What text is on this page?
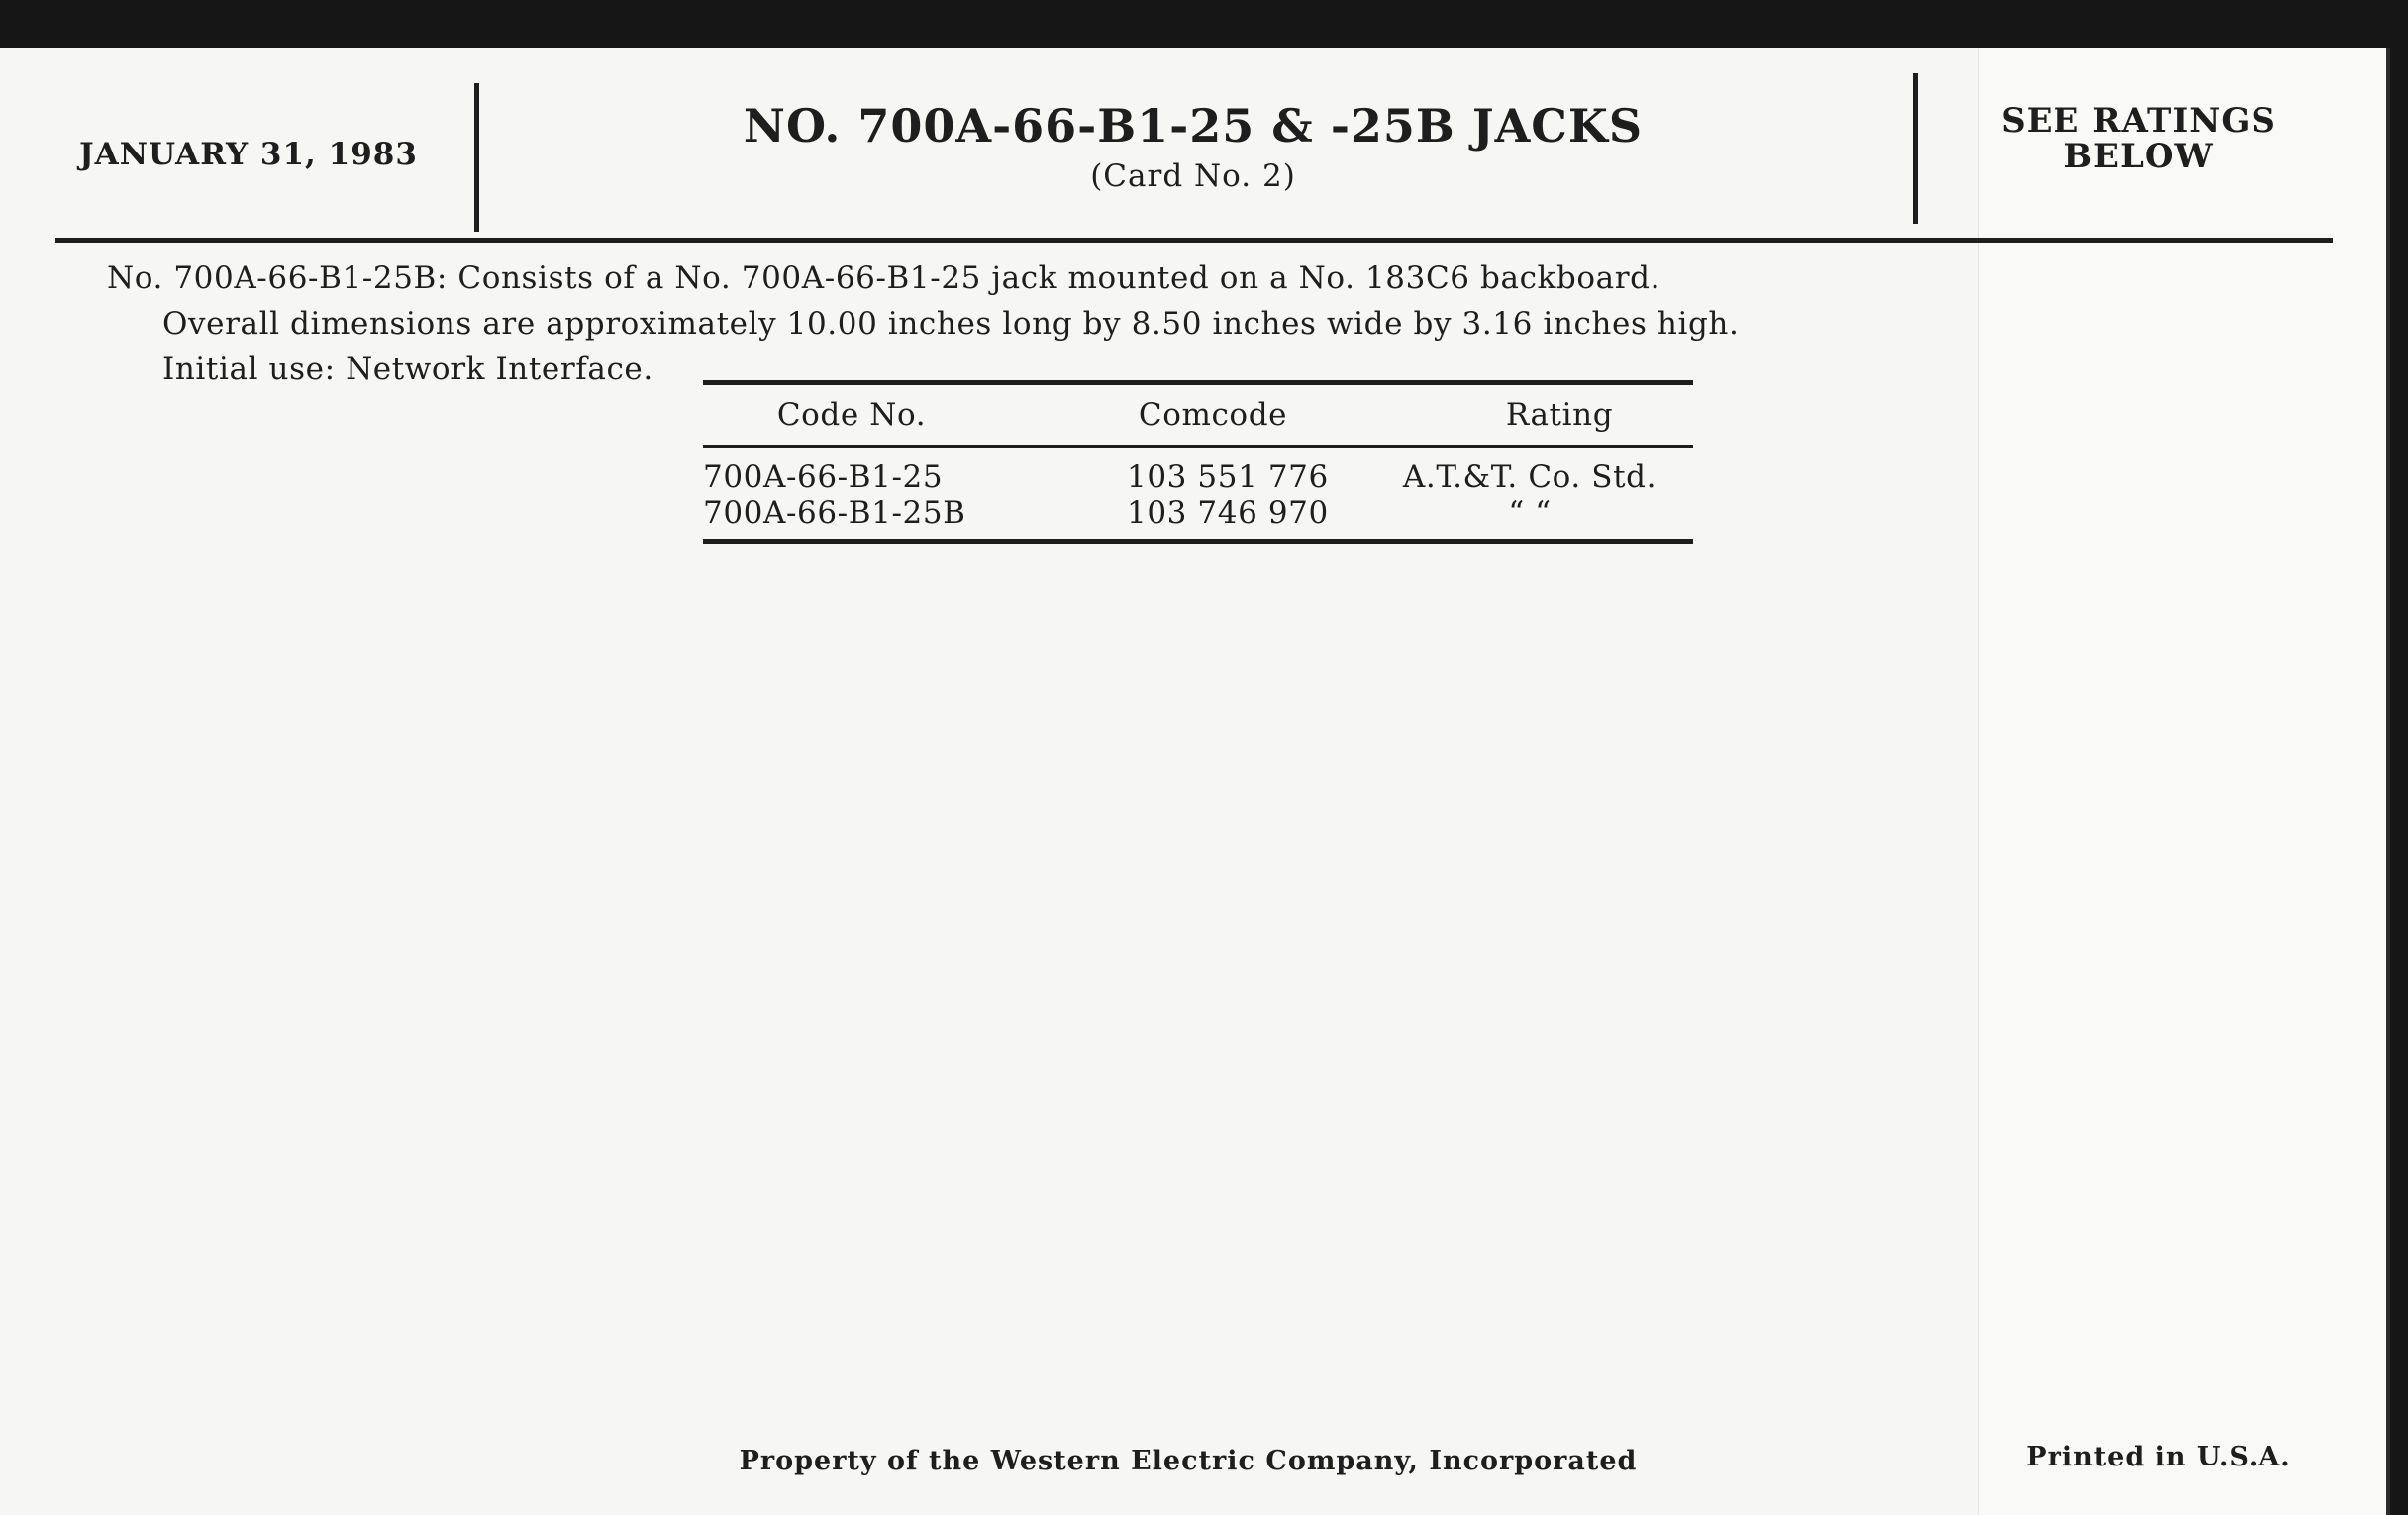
JANUARY 31, 1983
NO. 700A-66-B1-25 & -25B JACKS
(Card No. 2)
SEE RATINGS
BELOW
No. 700A-66-B1-25B: Consists of a No. 700A-66-B1-25 jack mounted on a No. 183C6 backboard.
Overall dimensions are approximately 10.00 inches long by 8.50 inches wide by 3.16 inches high.
Initial use: Network Interface.
Code No.	Comcode	Rating
700A-66-B1-25	103 551 776	A.T.&T. Co. Std.
700A-66-B1-25B	103 746 970	“ “
Property of the Western Electric Company, Incorporated	Printed in U.S.A.
